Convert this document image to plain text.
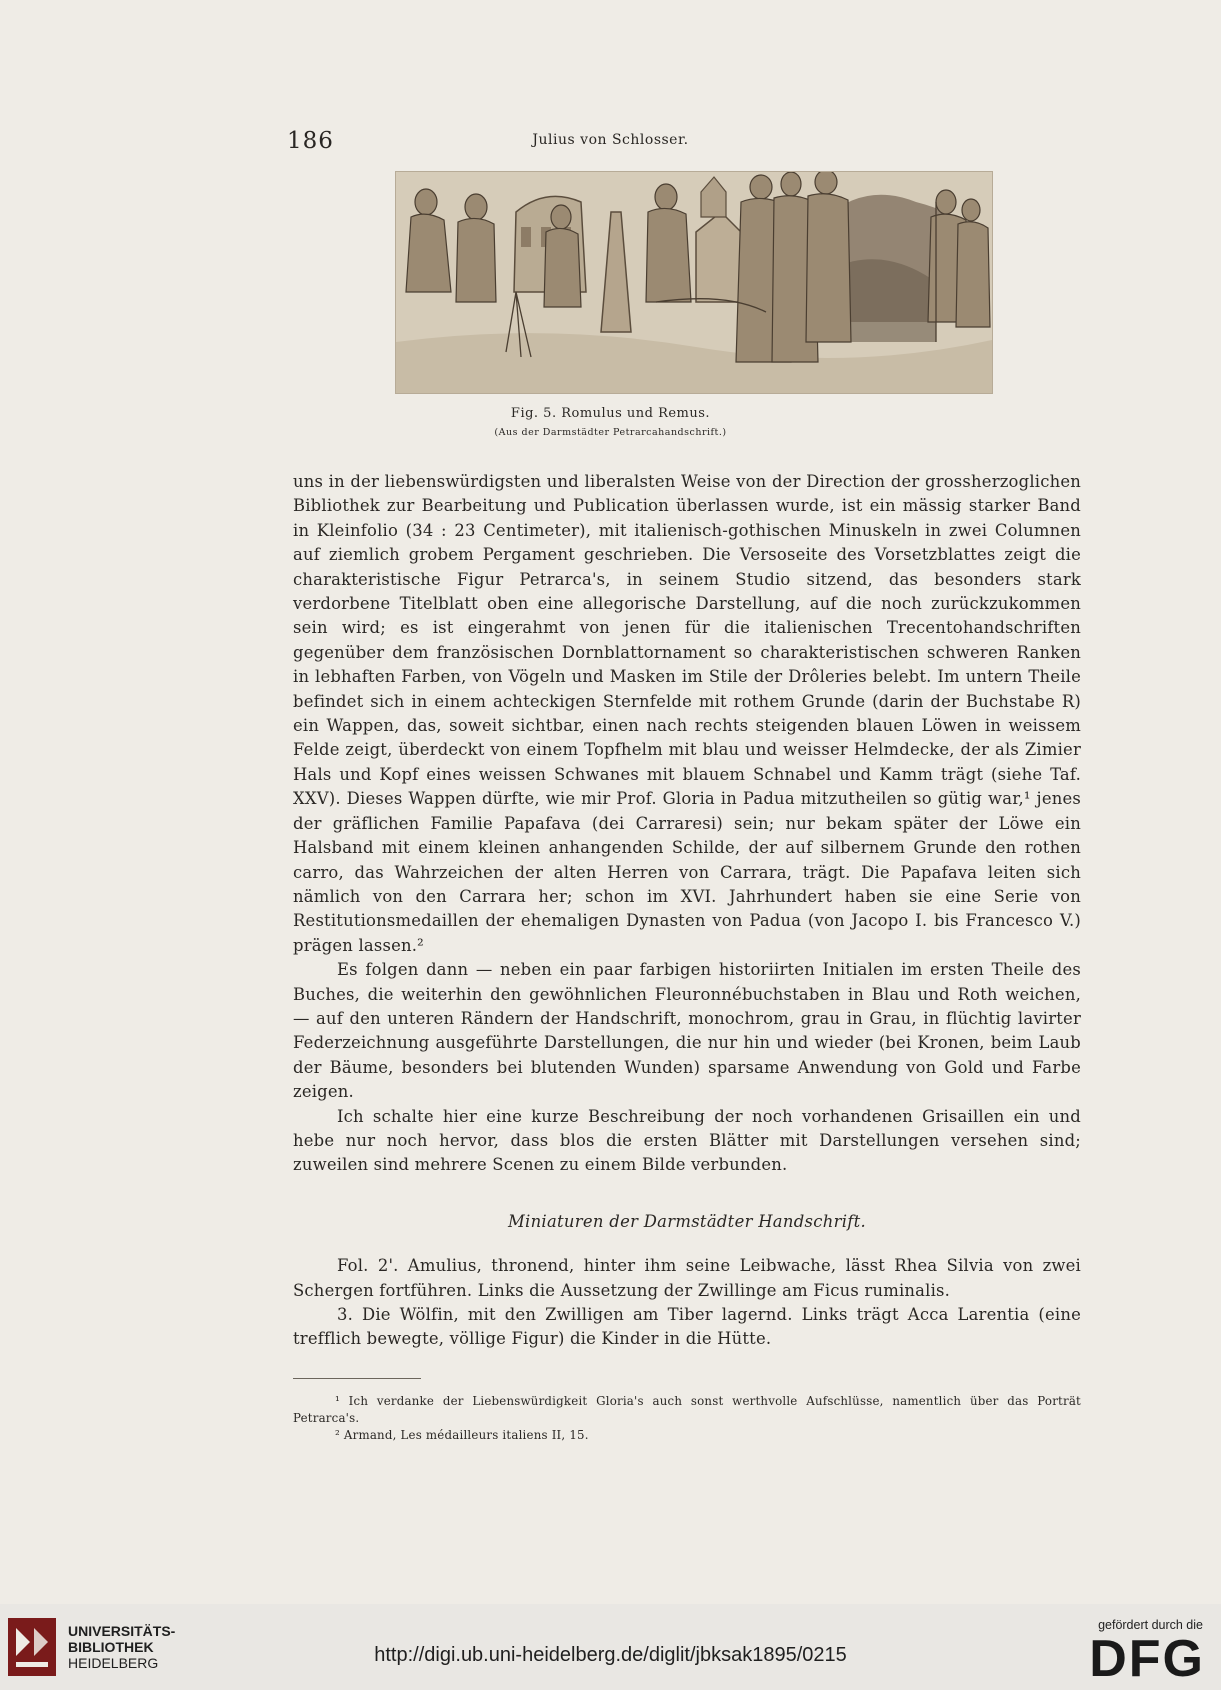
186	Julius von Schlosser.
Fig. 5. Romulus und Remus.
(Aus der Darmstädter Petrarcahandschrift.)

uns in der liebenswürdigsten und liberalsten Weise von der Direction der grossherzoglichen Bibliothek zur Bearbeitung und Publication überlassen wurde, ist ein mässig starker Band in Kleinfolio (34 : 23 Centimeter), mit italienisch-gothischen Minuskeln in zwei Columnen auf ziemlich grobem Pergament geschrieben. Die Versoseite des Vorsetzblattes zeigt die charakteristische Figur Petrarca's, in seinem Studio sitzend, das besonders stark verdorbene Titelblatt oben eine allegorische Darstellung, auf die noch zurückzukommen sein wird; es ist eingerahmt von jenen für die italienischen Trecentohandschriften gegenüber dem französischen Dornblattornament so charakteristischen schweren Ranken in lebhaften Farben, von Vögeln und Masken im Stile der Drôleries belebt. Im untern Theile befindet sich in einem achteckigen Sternfelde mit rothem Grunde (darin der Buchstabe R) ein Wappen, das, soweit sichtbar, einen nach rechts steigenden blauen Löwen in weissem Felde zeigt, überdeckt von einem Topfhelm mit blau und weisser Helmdecke, der als Zimier Hals und Kopf eines weissen Schwanes mit blauem Schnabel und Kamm trägt (siehe Taf. XXV). Dieses Wappen dürfte, wie mir Prof. Gloria in Padua mitzutheilen so gütig war,¹ jenes der gräflichen Familie Papafava (dei Carraresi) sein; nur bekam später der Löwe ein Halsband mit einem kleinen anhangenden Schilde, der auf silbernem Grunde den rothen carro, das Wahrzeichen der alten Herren von Carrara, trägt. Die Papafava leiten sich nämlich von den Carrara her; schon im XVI. Jahrhundert haben sie eine Serie von Restitutionsmedaillen der ehemaligen Dynasten von Padua (von Jacopo I. bis Francesco V.) prägen lassen.²

Es folgen dann — neben ein paar farbigen historiirten Initialen im ersten Theile des Buches, die weiterhin den gewöhnlichen Fleuronnébuchstaben in Blau und Roth weichen, — auf den unteren Rändern der Handschrift, monochrom, grau in Grau, in flüchtig lavirter Federzeichnung ausgeführte Darstellungen, die nur hin und wieder (bei Kronen, beim Laub der Bäume, besonders bei blutenden Wunden) sparsame Anwendung von Gold und Farbe zeigen.

Ich schalte hier eine kurze Beschreibung der noch vorhandenen Grisaillen ein und hebe nur noch hervor, dass blos die ersten Blätter mit Darstellungen versehen sind; zuweilen sind mehrere Scenen zu einem Bilde verbunden.

Miniaturen der Darmstädter Handschrift.

Fol. 2'. Amulius, thronend, hinter ihm seine Leibwache, lässt Rhea Silvia von zwei Schergen fortführen. Links die Aussetzung der Zwillinge am Ficus ruminalis.

3. Die Wölfin, mit den Zwilligen am Tiber lagernd. Links trägt Acca Larentia (eine trefflich bewegte, völlige Figur) die Kinder in die Hütte.

¹ Ich verdanke der Liebenswürdigkeit Gloria's auch sonst werthvolle Aufschlüsse, namentlich über das Porträt Petrarca's.
² Armand, Les médailleurs italiens II, 15.
UNIVERSITÄTS-
BIBLIOTHEK
HEIDELBERG	http://digi.ub.uni-heidelberg.de/diglit/jbksak1895/0215
gefördert durch die
DFG
